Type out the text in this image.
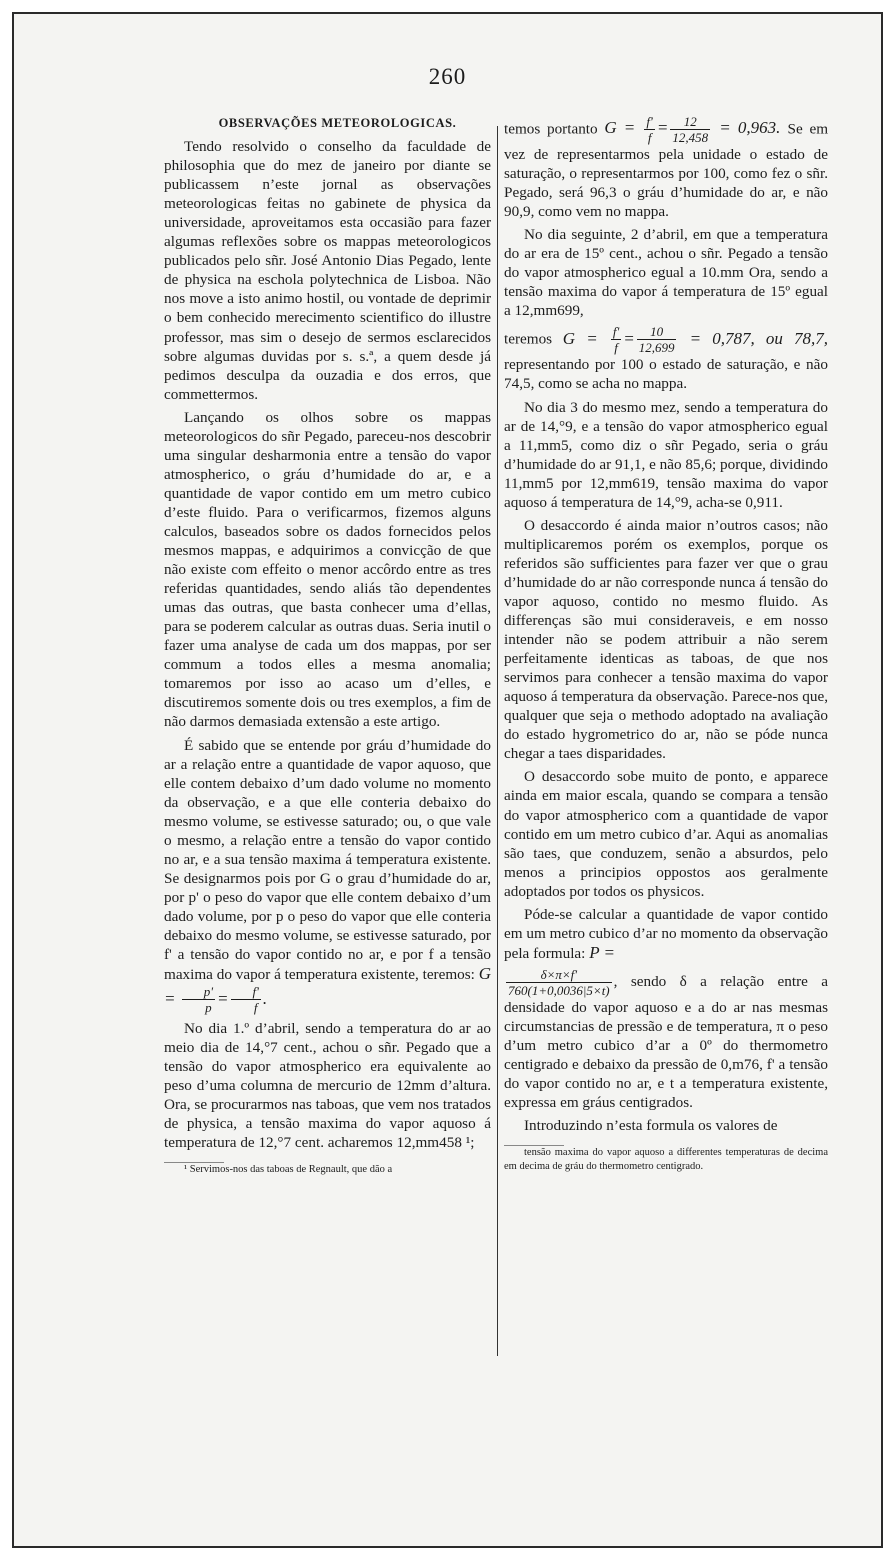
260

OBSERVAÇÕES METEOROLOGICAS.

Tendo resolvido o conselho da faculdade de philosophia que do mez de janeiro por diante se publicassem n’este jornal as observações meteorologicas feitas no gabinete de physica da universidade, aproveitamos esta occasião para fazer algumas reflexões sobre os mappas meteorologicos publicados pelo sñr. José Antonio Dias Pegado, lente de physica na eschola polytechnica de Lisboa. Não nos move a isto animo hostil, ou vontade de deprimir o bem conhecido merecimento scientifico do illustre professor, mas sim o desejo de sermos esclarecidos sobre algumas duvidas por s. s.ª, a quem desde já pedimos desculpa da ouzadia e dos erros, que commettermos.

Lançando os olhos sobre os mappas meteorologicos do sñr Pegado, pareceu-nos descobrir uma singular desharmonia entre a tensão do vapor atmospherico, o gráu d’humidade do ar, e a quantidade de vapor contido em um metro cubico d’este fluido. Para o verificarmos, fizemos alguns calculos, baseados sobre os dados fornecidos pelos mesmos mappas, e adquirimos a convicção de que não existe com effeito o menor accôrdo entre as tres referidas quantidades, sendo aliás tão dependentes umas das outras, que basta conhecer uma d’ellas, para se poderem calcular as outras duas. Seria inutil o fazer uma analyse de cada um dos mappas, por ser commum a todos elles a mesma anomalia; tomaremos por isso ao acaso um d’elles, e discutiremos somente dois ou tres exemplos, a fim de não darmos demasiada extensão a este artigo.

É sabido que se entende por gráu d’humidade do ar a relação entre a quantidade de vapor aquoso, que elle contem debaixo d’um dado volume no momento da observação, e a que elle conteria debaixo do mesmo volume, se estivesse saturado; ou, o que vale o mesmo, a relação entre a tensão do vapor contido no ar, e a sua tensão maxima á temperatura existente. Se designarmos pois por G o grau d’humidade do ar, por p' o peso do vapor que elle contem debaixo d’um dado volume, por p o peso do vapor que elle conteria debaixo do mesmo volume, se estivesse saturado, por f' a tensão do vapor contido no ar, e por f a tensão maxima do vapor á temperatura existente, teremos: $G = \frac{p'}{p} = \frac{f'}{f}$ .

No dia 1.º d’abril, sendo a temperatura do ar ao meio dia de 14,°7 cent., achou o sñr. Pegado que a tensão do vapor atmospherico era equivalente ao peso d’uma columna de mercurio de 12mm d’altura. Ora, se procurarmos nas taboas, que vem nos tratados de physica, a tensão maxima do vapor aquoso á temperatura de 12,°7 cent. acharemos 12,mm458 ¹;

¹ Servimos-nos das taboas de Regnault, que dão a

temos portanto $G = \frac{f'}{f} = \frac{12}{12,458} = 0,963$. Se em vez de representarmos pela unidade o estado de saturação, o representarmos por 100, como fez o sñr. Pegado, será 96,3 o gráu d’humidade do ar, e não 90,9, como vem no mappa.

No dia seguinte, 2 d’abril, em que a temperatura do ar era de 15º cent., achou o sñr. Pegado a tensão do vapor atmospherico egual a 10.mm Ora, sendo a tensão maxima do vapor á temperatura de 15º egual a 12,mm699,

teremos $G = \frac{f'}{f} = \frac{10}{12,699} = 0,787$, ou 78,7, representando por 100 o estado de saturação, e não 74,5, como se acha no mappa.

No dia 3 do mesmo mez, sendo a temperatura do ar de 14,°9, e a tensão do vapor atmospherico egual a 11,mm5, como diz o sñr Pegado, seria o gráu d’humidade do ar 91,1, e não 85,6; porque, dividindo 11,mm5 por 12,mm619, tensão maxima do vapor aquoso á temperatura de 14,°9, acha-se 0,911.

O desaccordo é ainda maior n’outros casos; não multiplicaremos porém os exemplos, porque os referidos são sufficientes para fazer ver que o grau d’humidade do ar não corresponde nunca á tensão do vapor aquoso, contido no mesmo fluido. As differenças são mui consideraveis, e em nosso intender não se podem attribuir a não serem perfeitamente identicas as taboas, de que nos servimos para conhecer a tensão maxima do vapor aquoso á temperatura da observação. Parece-nos que, qualquer que seja o methodo adoptado na avaliação do estado hygrometrico do ar, não se póde nunca chegar a taes disparidades.

O desaccordo sobe muito de ponto, e apparece ainda em maior escala, quando se compara a tensão do vapor atmospherico com a quantidade de vapor contido em um metro cubico d’ar. Aqui as anomalias são taes, que conduzem, senão a absurdos, pelo menos a principios oppostos aos geralmente adoptados por todos os physicos.

Póde-se calcular a quantidade de vapor contido em um metro cubico d’ar no momento da observação pela formula: P =

$\frac{\delta\times\pi\times f'}{760(1+0,0036|5\times t)}$ , sendo δ a relação entre a densidade do vapor aquoso e a do ar nas mesmas circumstancias de pressão e de temperatura, π o peso d’um metro cubico d’ar a 0º do thermometro centigrado e debaixo da pressão de 0,m76, f' a tensão do vapor contido no ar, e t a temperatura existente, expressa em gráus centigrados.

Introduzindo n’esta formula os valores de

tensão maxima do vapor aquoso a differentes temperaturas de decima em decima de gráu do thermometro centigrado.
